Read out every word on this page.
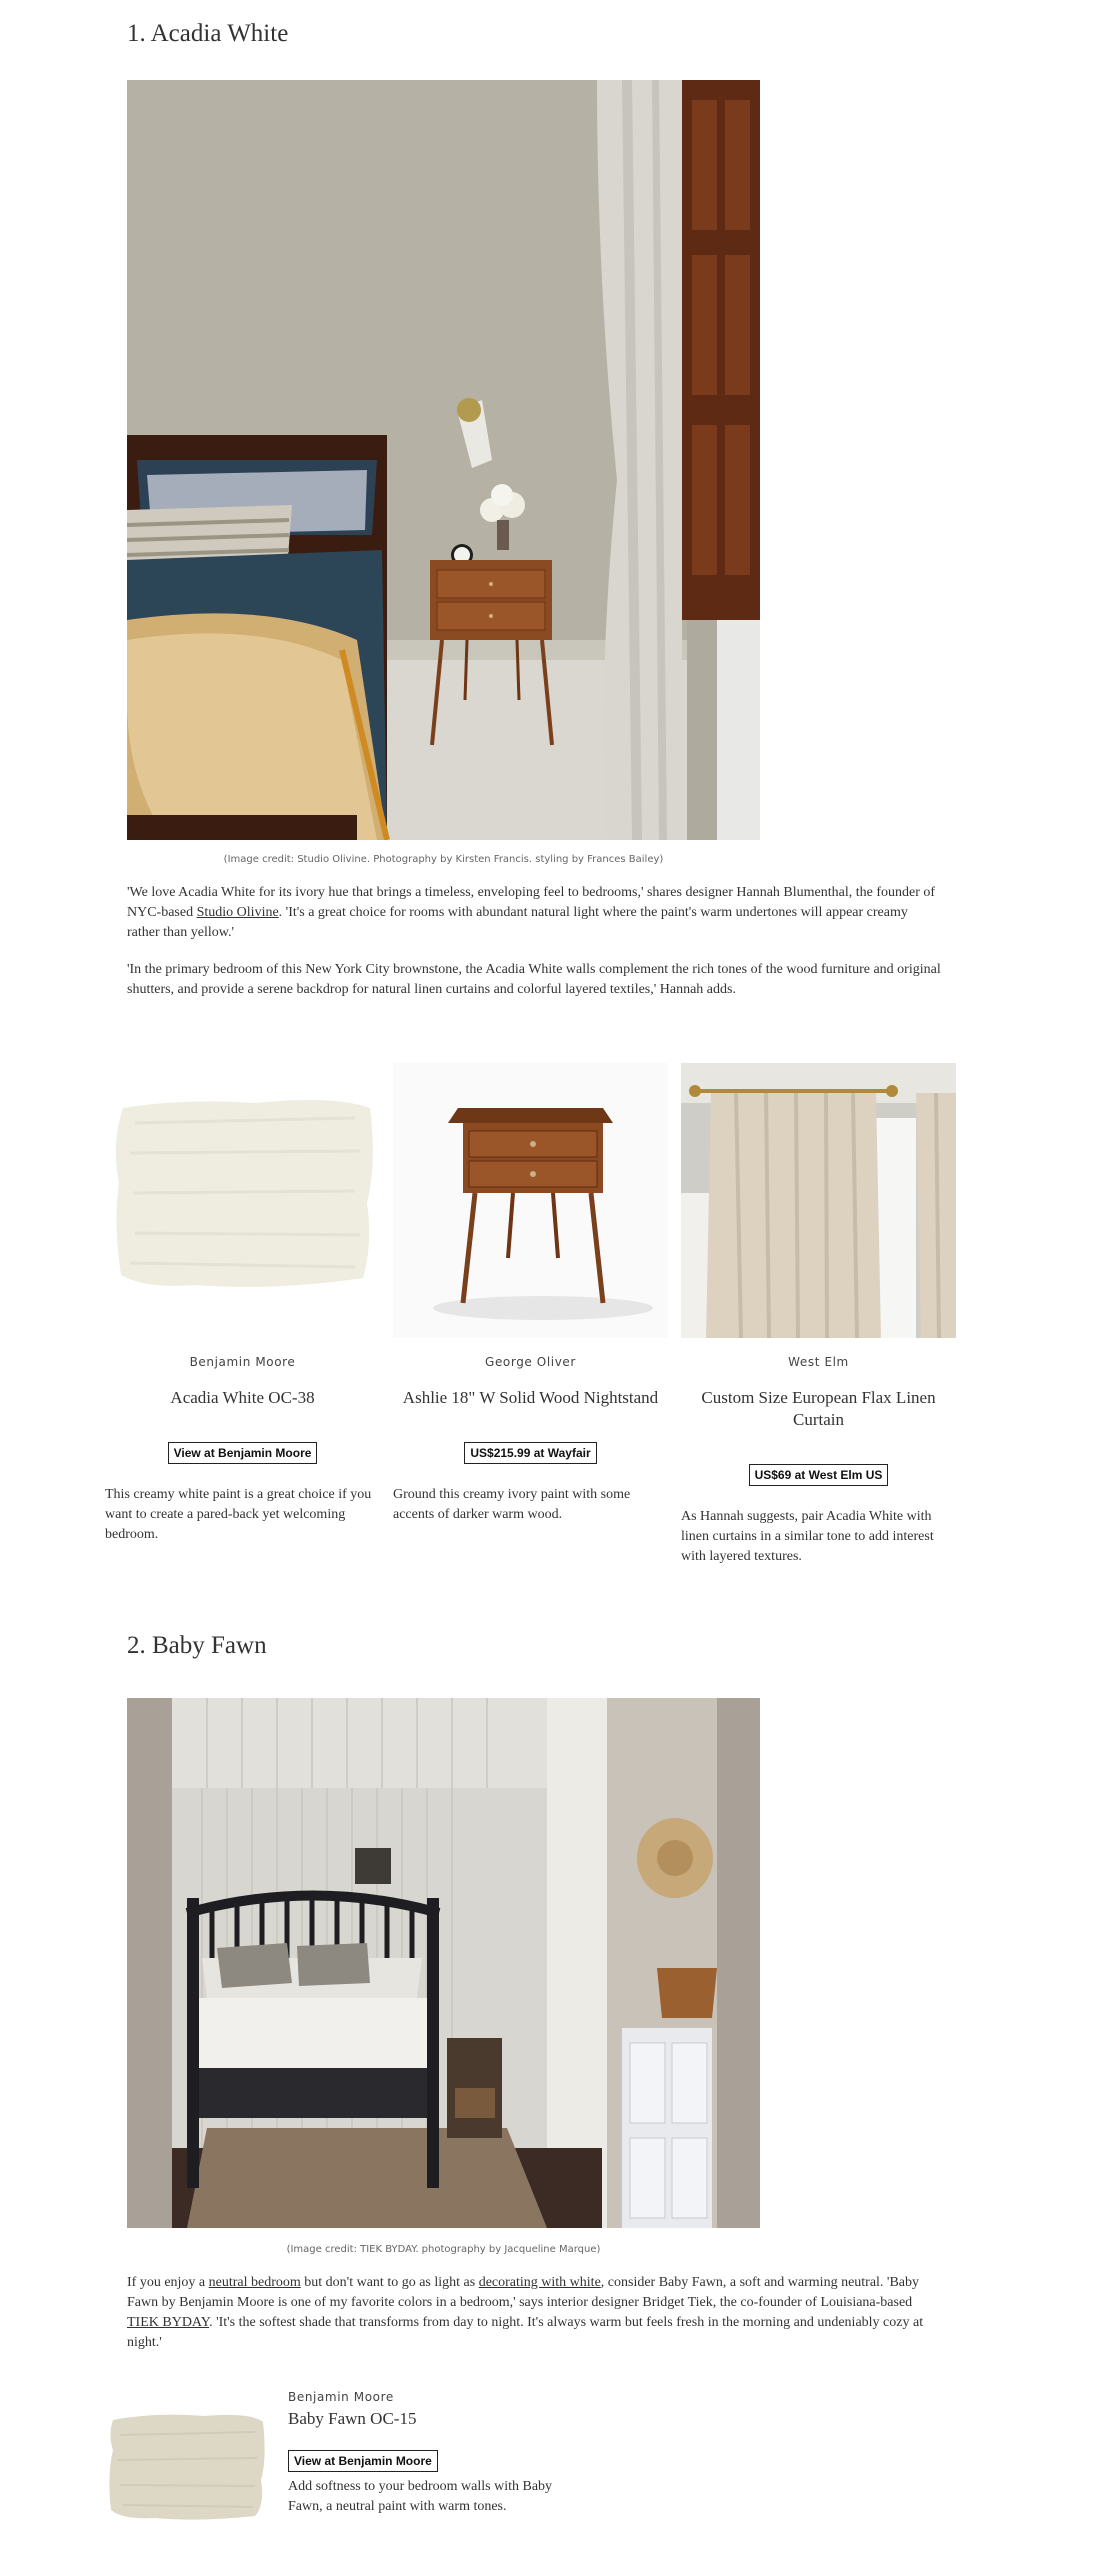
1. Acadia White
(Image credit: Studio Olivine. Photography by Kirsten Francis. styling by Frances Bailey)

'We love Acadia White for its ivory hue that brings a timeless, enveloping feel to bedrooms,' shares designer Hannah Blumenthal, the founder of NYC-based Studio Olivine. 'It's a great choice for rooms with abundant natural light where the paint's warm undertones will appear creamy rather than yellow.'

'In the primary bedroom of this New York City brownstone, the Acadia White walls complement the rich tones of the wood furniture and original shutters, and provide a serene backdrop for natural linen curtains and colorful layered textiles,' Hannah adds.

Benjamin Moore
Acadia White OC-38
View at Benjamin Moore
This creamy white paint is a great choice if you want to create a pared-back yet welcoming bedroom.
George Oliver
Ashlie 18" W Solid Wood Nightstand
US$215.99 at Wayfair
Ground this creamy ivory paint with some accents of darker warm wood.
West Elm
Custom Size European Flax Linen Curtain
US$69 at West Elm US
As Hannah suggests, pair Acadia White with linen curtains in a similar tone to add interest with layered textures.
2. Baby Fawn
(Image credit: TIEK BYDAY. photography by Jacqueline Marque)

If you enjoy a neutral bedroom but don't want to go as light as decorating with white, consider Baby Fawn, a soft and warming neutral. 'Baby Fawn by Benjamin Moore is one of my favorite colors in a bedroom,' says interior designer Bridget Tiek, the co-founder of Louisiana-based TIEK BYDAY. 'It's the softest shade that transforms from day to night. It's always warm but feels fresh in the morning and undeniably cozy at night.'

Benjamin Moore
Baby Fawn OC-15
View at Benjamin Moore
Add softness to your bedroom walls with Baby Fawn, a neutral paint with warm tones.
